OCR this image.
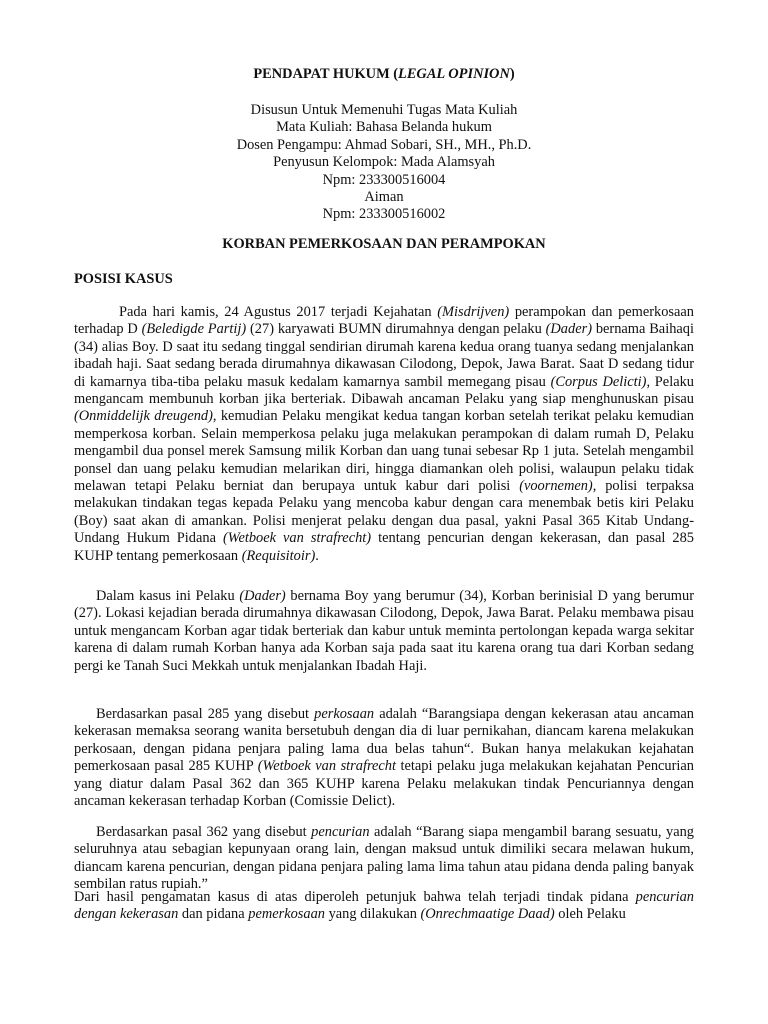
PENDAPAT HUKUM (LEGAL OPINION)
Disusun Untuk Memenuhi Tugas Mata Kuliah
Mata Kuliah: Bahasa Belanda hukum
Dosen Pengampu: Ahmad Sobari, SH., MH., Ph.D.
Penyusun Kelompok: Mada Alamsyah
Npm: 233300516004
Aiman
Npm: 233300516002
KORBAN PEMERKOSAAN DAN PERAMPOKAN
POSISI KASUS

Pada hari kamis, 24 Agustus 2017 terjadi Kejahatan (Misdrijven) perampokan dan pemerkosaan terhadap D (Beledigde Partij) (27) karyawati BUMN dirumahnya dengan pelaku (Dader) bernama Baihaqi (34) alias Boy. D saat itu sedang tinggal sendirian dirumah karena kedua orang tuanya sedang menjalankan ibadah haji. Saat sedang berada dirumahnya dikawasan Cilodong, Depok, Jawa Barat. Saat D sedang tidur di kamarnya tiba-tiba pelaku masuk kedalam kamarnya sambil memegang pisau (Corpus Delicti), Pelaku mengancam membunuh korban jika berteriak. Dibawah ancaman Pelaku yang siap menghunuskan pisau (Onmiddelijk dreugend), kemudian Pelaku mengikat kedua tangan korban setelah terikat pelaku kemudian memperkosa korban. Selain memperkosa pelaku juga melakukan perampokan di dalam rumah D, Pelaku mengambil dua ponsel merek Samsung milik Korban dan uang tunai sebesar Rp 1 juta. Setelah mengambil ponsel dan uang pelaku kemudian melarikan diri, hingga diamankan oleh polisi, walaupun pelaku tidak melawan tetapi Pelaku berniat dan berupaya untuk kabur dari polisi (voornemen), polisi terpaksa melakukan tindakan tegas kepada Pelaku yang mencoba kabur dengan cara menembak betis kiri Pelaku (Boy) saat akan di amankan. Polisi menjerat pelaku dengan dua pasal, yakni Pasal 365 Kitab Undang-Undang Hukum Pidana (Wetboek van strafrecht) tentang pencurian dengan kekerasan, dan pasal 285 KUHP tentang pemerkosaan (Requisitoir).

Dalam kasus ini Pelaku (Dader) bernama Boy yang berumur (34), Korban berinisial D yang berumur (27). Lokasi kejadian berada dirumahnya dikawasan Cilodong, Depok, Jawa Barat. Pelaku membawa pisau untuk mengancam Korban agar tidak berteriak dan kabur untuk meminta pertolongan kepada warga sekitar karena di dalam rumah Korban hanya ada Korban saja pada saat itu karena orang tua dari Korban sedang pergi ke Tanah Suci Mekkah untuk menjalankan Ibadah Haji.

Berdasarkan pasal 285 yang disebut perkosaan adalah “Barangsiapa dengan kekerasan atau ancaman kekerasan memaksa seorang wanita bersetubuh dengan dia di luar pernikahan, diancam karena melakukan perkosaan, dengan pidana penjara paling lama dua belas tahun“. Bukan hanya melakukan kejahatan pemerkosaan pasal 285 KUHP (Wetboek van strafrecht tetapi pelaku juga melakukan kejahatan Pencurian yang diatur dalam Pasal 362 dan 365 KUHP karena Pelaku melakukan tindak Pencuriannya dengan ancaman kekerasan terhadap Korban (Comissie Delict).

Berdasarkan pasal 362 yang disebut pencurian adalah “Barang siapa mengambil barang sesuatu, yang seluruhnya atau sebagian kepunyaan orang lain, dengan maksud untuk dimiliki secara melawan hukum, diancam karena pencurian, dengan pidana penjara paling lama lima tahun atau pidana denda paling banyak sembilan ratus rupiah.”

Dari hasil pengamatan kasus di atas diperoleh petunjuk bahwa telah terjadi tindak pidana pencurian dengan kekerasan dan pidana pemerkosaan yang dilakukan (Onrechmaatige Daad) oleh Pelaku
